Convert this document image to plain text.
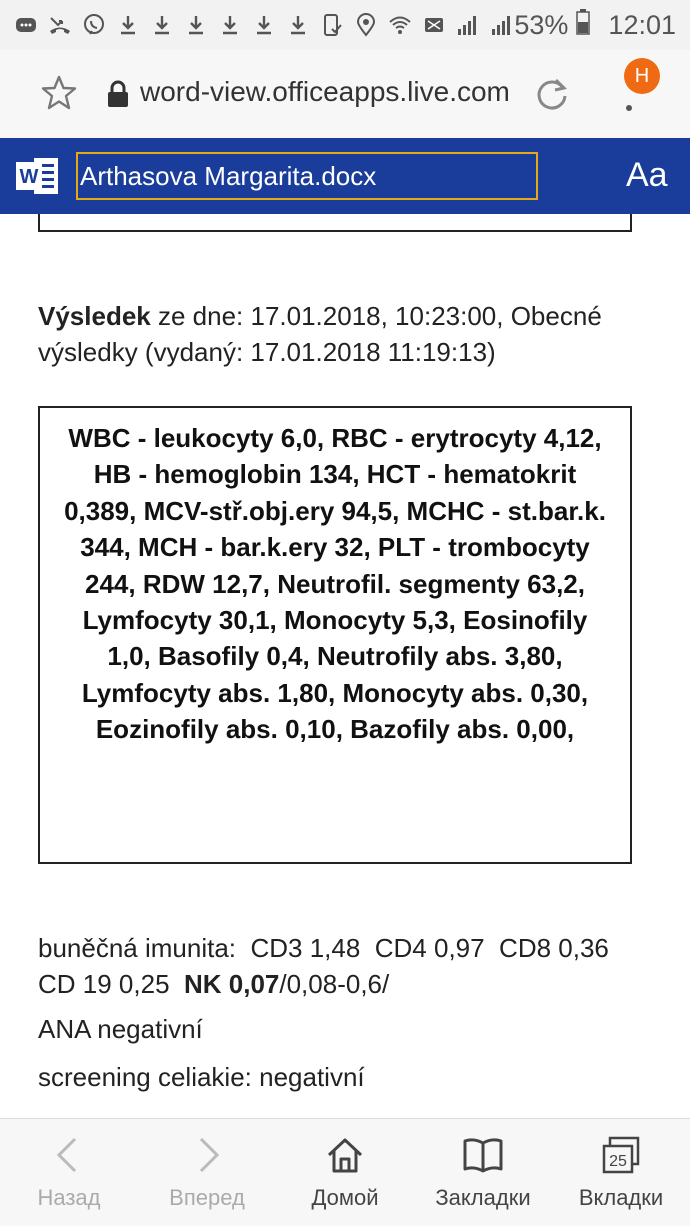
53% 12:01
word-view.officeapps.live.com
H
W Arthasova Margarita.docx	Aa

Výsledek ze dne: 17.01.2018, 10:23:00, Obecné výsledky (vydaný: 17.01.2018 11:19:13)

WBC - leukocyty 6,0, RBC - erytrocyty 4,12, HB - hemoglobin 134, HCT - hematokrit 0,389, MCV-stř.obj.ery 94,5, MCHC - st.bar.k. 344, MCH - bar.k.ery 32, PLT - trombocyty 244, RDW 12,7, Neutrofil. segmenty 63,2, Lymfocyty 30,1, Monocyty 5,3, Eosinofily 1,0, Basofily 0,4, Neutrofily abs. 3,80, Lymfocyty abs. 1,80, Monocyty abs. 0,30, Eozinofily abs. 0,10, Bazofily abs. 0,00,

buněčná imunita:  CD3 1,48  CD4 0,97  CD8 0,36  CD 19 0,25  NK 0,07/0,08-0,6/

ANA negativní

screening celiakie: negativní

Назад	Вперед	Домой	Закладки
25
Вкладки
